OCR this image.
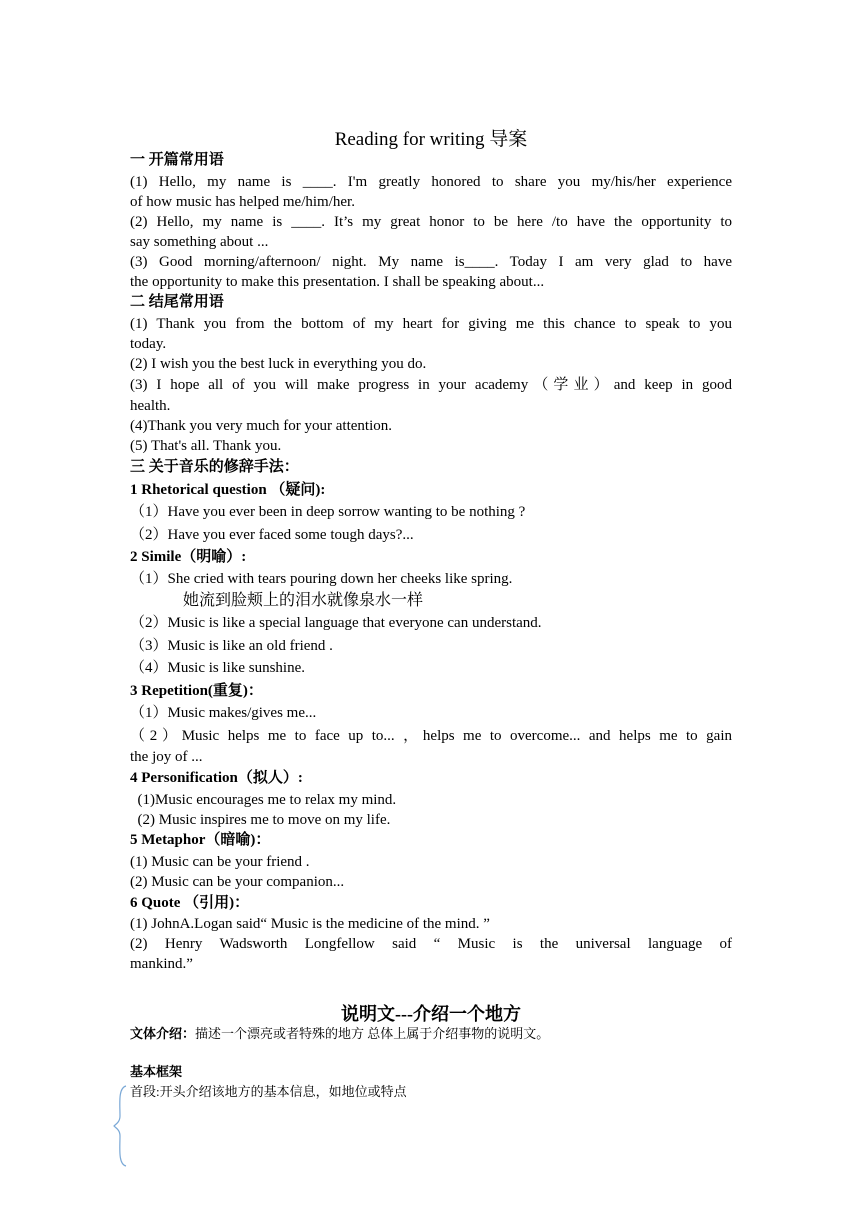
Reading for writing 导案
一 开篇常用语
(1) Hello, my name is ____. I'm greatly honored to share you my/his/her experience
of how music has helped me/him/her.
(2) Hello, my name is ____. It’s my great honor to be here /to have the opportunity to
say something about ...
(3) Good morning/afternoon/ night. My name is____. Today I am very glad to have
the opportunity to make this presentation. I shall be speaking about...
二 结尾常用语
(1) Thank you from the bottom of my heart for giving me this chance to speak to you
today.
(2) I wish you the best luck in everything you do.
(3) I hope all of you will make progress in your academy（学业）and keep in good
health.
(4)Thank you very much for your attention.
(5) That's all. Thank you.
三 关于音乐的修辞手法：
1 Rhetorical question （疑问):
（1）Have you ever been in deep sorrow wanting to be nothing ?
（2）Have you ever faced some tough days?...
2 Simile（明喻）:
（1）She cried with tears pouring down her cheeks like spring.
她流到脸颊上的泪水就像泉水一样
（2）Music is like a special language that everyone can understand.
（3）Music is like an old friend .
（4）Music is like sunshine.
3 Repetition(重复)：
（1）Music makes/gives me...
（2）Music helps me to face up to... ，helps me to overcome... and helps me to gain
the joy of ...
4 Personification（拟人）:
(1)Music encourages me to relax my mind.
(2) Music inspires me to move on my life.
5 Metaphor（暗喻)：
(1) Music can be your friend .
(2) Music can be your companion...
6 Quote （引用)：
(1) JohnA.Logan said“ Music is the medicine of the mind. ”
(2) Henry Wadsworth Longfellow said “ Music is the universal language of
mankind.”
说明文---介绍一个地方
文体介绍：描述一个漂亮或者特殊的地方 总体上属于介绍事物的说明文。
基本框架
首段:开头介绍该地方的基本信息，如地位或特点
